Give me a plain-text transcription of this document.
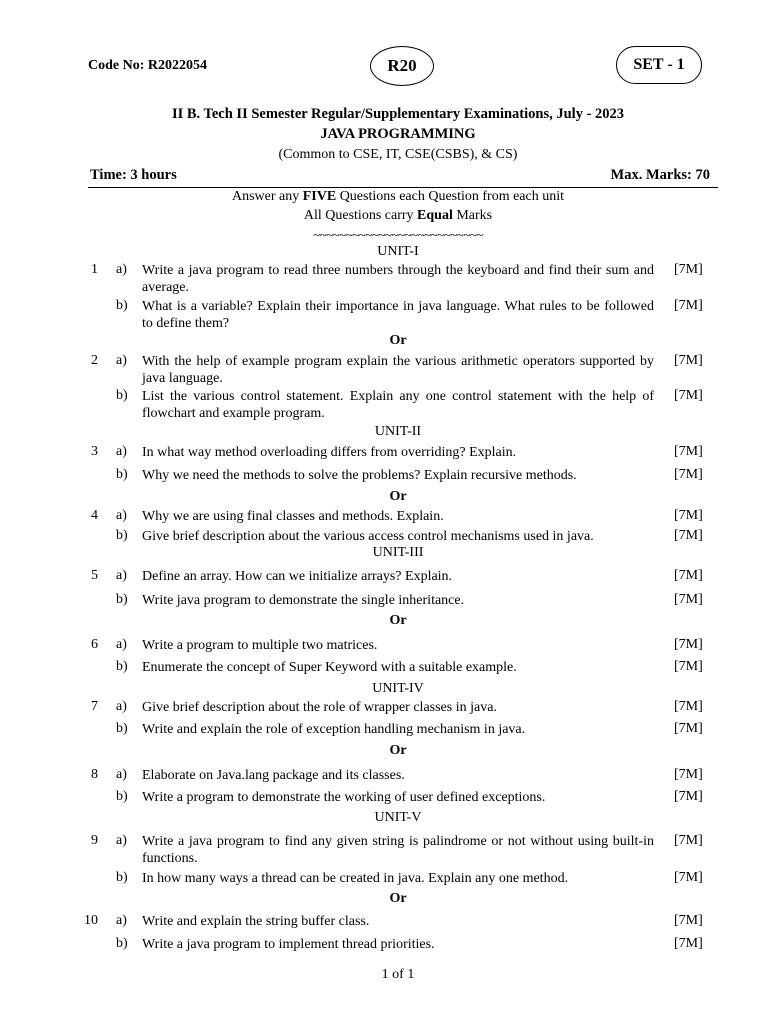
Code No: R2022054	R20	SET - 1
II B. Tech II Semester Regular/Supplementary Examinations, July - 2023
JAVA PROGRAMMING
(Common to CSE, IT, CSE(CSBS), & CS)
Time: 3 hours	Max. Marks: 70
Answer any FIVE Questions each Question from each unit
All Questions carry Equal Marks
~~~~~~~~~~~~~~~~~~~~~~~~~~
UNIT-I
UNIT-II
UNIT-III
UNIT-IV
UNIT-V
Or
Or
Or
Or
Or
1 a) Write a java program to read three numbers through the keyboard and find their sum and average.
[7M]
b) What is a variable? Explain their importance in java language. What rules to be followed to define them?
[7M]
2 a) With the help of example program explain the various arithmetic operators supported by java language.
[7M]
b) List the various control statement. Explain any one control statement with the help of flowchart and example program.
[7M]
3 a) In what way method overloading differs from overriding? Explain.	[7M]
b) Why we need the methods to solve the problems? Explain recursive methods.	[7M]
4 a) Why we are using final classes and methods. Explain.	[7M]
b) Give brief description about the various access control mechanisms used in java.	[7M]
5 a) Define an array. How can we initialize arrays? Explain.	[7M]
b) Write java program to demonstrate the single inheritance.	[7M]
6 a) Write a program to multiple two matrices.	[7M]
b) Enumerate the concept of Super Keyword with a suitable example.	[7M]
7 a) Give brief description about the role of wrapper classes in java.	[7M]
b) Write and explain the role of exception handling mechanism in java.	[7M]
8 a) Elaborate on Java.lang package and its classes.	[7M]
b) Write a program to demonstrate the working of user defined exceptions.	[7M]
9 a) Write a java program to find any given string is palindrome or not without using built-in functions.
[7M]
b) In how many ways a thread can be created in java. Explain any one method.	[7M]
10 a) Write and explain the string buffer class.	[7M]
b) Write a java program to implement thread priorities.	[7M]
1 of 1
